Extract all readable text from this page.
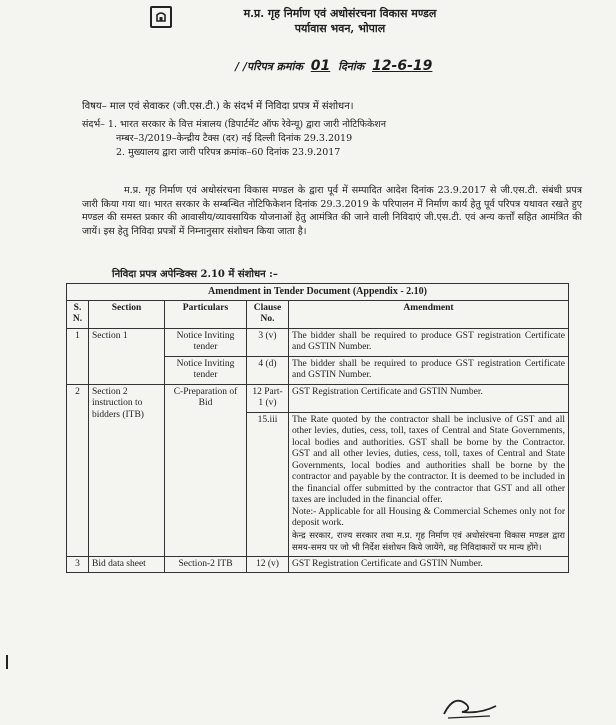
म.प्र. गृह निर्माण एवं अधोसंरचना विकास मण्डल
पर्यावास भवन, भोपाल
/ /परिपत्र क्रमांक 01 दिनांक 12-6-19
विषय– माल एवं सेवाकर (जी.एस.टी.) के संदर्भ में निविदा प्रपत्र में संशोधन।
संदर्भ– 1. भारत सरकार के वित्त मंत्रालय (डिपार्टमेंट ऑफ रेवेन्यू) द्वारा जारी नोटिफिकेशन
नम्बर–3/2019–केन्द्रीय टैक्स (दर) नई दिल्ली दिनांक 29.3.2019
2. मुख्यालय द्वारा जारी परिपत्र क्रमांक–60 दिनांक 23.9.2017
म.प्र. गृह निर्माण एवं अधोसंरचना विकास मण्डल के द्वारा पूर्व में सम्पादित आदेश दिनांक 23.9.2017 से जी.एस.टी. संबंधी प्रपत्र जारी किया गया था। भारत सरकार के सम्बन्धित नोटिफिकेशन दिनांक 29.3.2019 के परिपालन में निर्माण कार्य हेतु पूर्व परिपत्र यथावत रखते हुए मण्डल की समस्त प्रकार की आवासीय/व्यावसायिक योजनाओं हेतु आमंत्रित की जाने वाली निविदाएं जी.एस.टी. एवं अन्य कर्त्तों सहित आमंत्रित की जायें। इस हेतु निविदा प्रपत्रों में निम्नानुसार संशोधन किया जाता है।
निविदा प्रपत्र अपेन्डिक्स 2.10 में संशोधन :–
Amendment in Tender Document (Appendix - 2.10)				
S. N.	Section	Particulars	Clause No.	Amendment
1	Section 1	Notice Inviting tender	3 (v)	The bidder shall be required to produce GST registration Certificate and GSTIN Number.
		Notice Inviting tender	4 (d)	The bidder shall be required to produce GST registration Certificate and GSTIN Number.
2	Section 2 instruction to bidders (ITB)	C-Preparation of Bid	12 Part-1 (v)	GST Registration Certificate and GSTIN Number.
			15.iii	The Rate quoted by the contractor shall be inclusive of GST and all other levies, duties, cess, toll, taxes of Central and State Governments, local bodies and authorities. GST shall be borne by the Contractor. GST and all other levies, duties, cess, toll, taxes of Central and State Governments, local bodies and authorities shall be borne by the contractor and payable by the contractor. It is deemed to be included in the financial offer submitted by the contractor that GST and all other taxes are included in the financial offer.
Note:- Applicable for all Housing & Commercial Schemes only not for deposit work.
केन्द्र सरकार, राज्य सरकार तथा म.प्र. गृह निर्माण एवं अधोसंरचना विकास मण्डल द्वारा समय-समय पर जो भी निर्देश संशोधन किये जायेंगे, वह निविदाकारों पर मान्य होंगे।

3	Bid data sheet	Section-2 ITB	12 (v)	GST Registration Certificate and GSTIN Number.
